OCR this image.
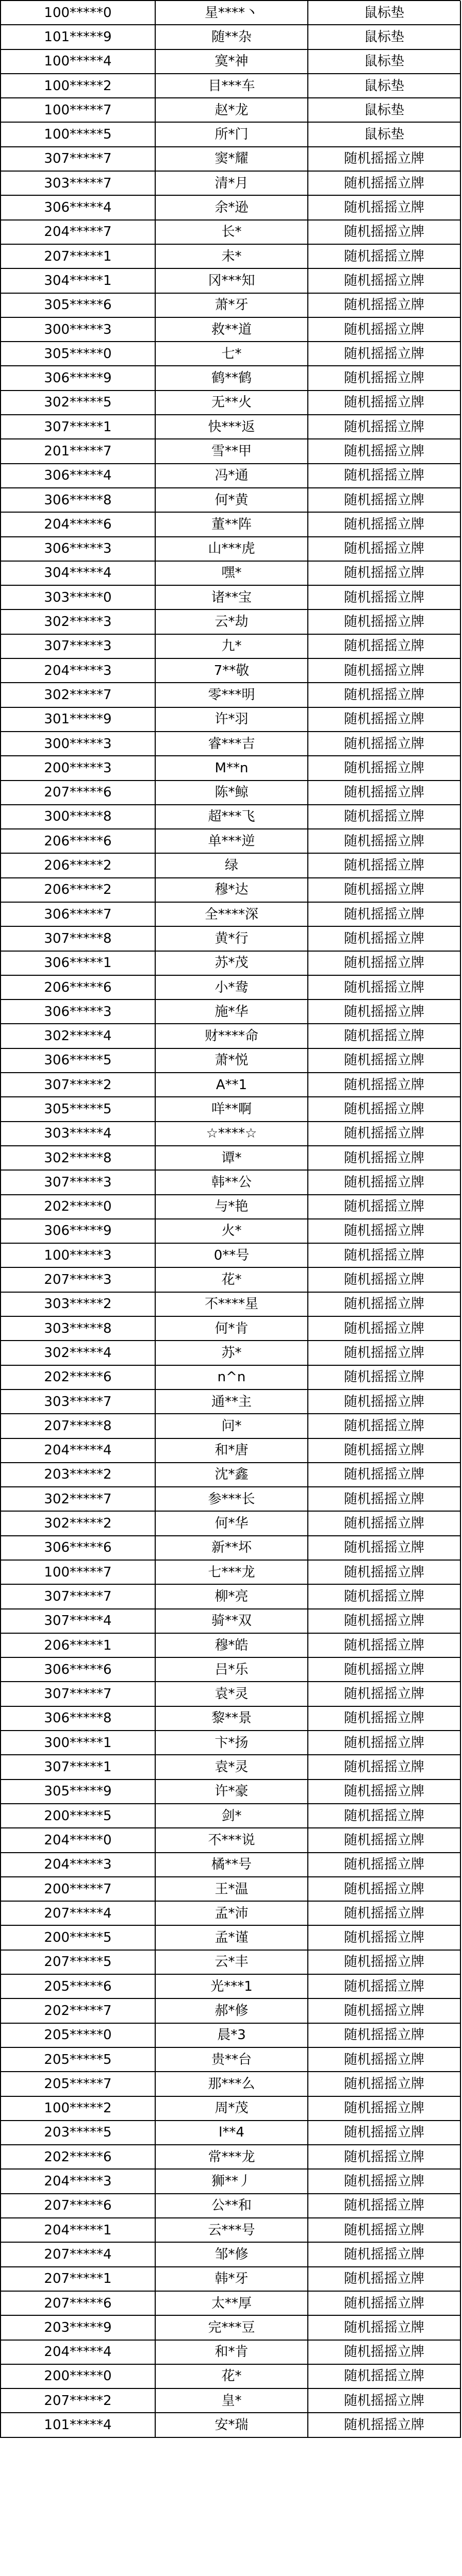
100*****0	星****丶	鼠标垫
101*****9	随**杂	鼠标垫
100*****4	寞*神	鼠标垫
100*****2	目***车	鼠标垫
100*****7	赵*龙	鼠标垫
100*****5	所*门	鼠标垫
307*****7	窦*耀	随机摇摇立牌
303*****7	清*月	随机摇摇立牌
306*****4	余*逊	随机摇摇立牌
204*****7	长*	随机摇摇立牌
207*****1	未*	随机摇摇立牌
304*****1	冈***知	随机摇摇立牌
305*****6	萧*牙	随机摇摇立牌
300*****3	救**道	随机摇摇立牌
305*****0	七*	随机摇摇立牌
306*****9	鹤**鹤	随机摇摇立牌
302*****5	无**火	随机摇摇立牌
307*****1	快***返	随机摇摇立牌
201*****7	雪**甲	随机摇摇立牌
306*****4	冯*通	随机摇摇立牌
306*****8	何*黄	随机摇摇立牌
204*****6	董**阵	随机摇摇立牌
306*****3	山***虎	随机摇摇立牌
304*****4	嘿*	随机摇摇立牌
303*****0	诸**宝	随机摇摇立牌
302*****3	云*劫	随机摇摇立牌
307*****3	九*	随机摇摇立牌
204*****3	7**敬	随机摇摇立牌
302*****7	零***明	随机摇摇立牌
301*****9	许*羽	随机摇摇立牌
300*****3	睿***吉	随机摇摇立牌
200*****3	M**n	随机摇摇立牌
207*****6	陈*鲸	随机摇摇立牌
300*****8	超***飞	随机摇摇立牌
206*****6	单***逆	随机摇摇立牌
206*****2	绿	随机摇摇立牌
206*****2	穆*达	随机摇摇立牌
306*****7	全****深	随机摇摇立牌
307*****8	黄*行	随机摇摇立牌
306*****1	苏*茂	随机摇摇立牌
206*****6	小*鸯	随机摇摇立牌
306*****3	施*华	随机摇摇立牌
302*****4	财****命	随机摇摇立牌
306*****5	萧*悦	随机摇摇立牌
307*****2	A**1	随机摇摇立牌
305*****5	咩**啊	随机摇摇立牌
303*****4	☆****☆	随机摇摇立牌
302*****8	谭*	随机摇摇立牌
307*****3	韩**公	随机摇摇立牌
202*****0	与*艳	随机摇摇立牌
306*****9	火*	随机摇摇立牌
100*****3	0**号	随机摇摇立牌
207*****3	花*	随机摇摇立牌
303*****2	不****星	随机摇摇立牌
303*****8	何*肯	随机摇摇立牌
302*****4	苏*	随机摇摇立牌
202*****6	n^n	随机摇摇立牌
303*****7	通**主	随机摇摇立牌
207*****8	问*	随机摇摇立牌
204*****4	和*唐	随机摇摇立牌
203*****2	沈*鑫	随机摇摇立牌
302*****7	参***长	随机摇摇立牌
302*****2	何*华	随机摇摇立牌
306*****6	新**坏	随机摇摇立牌
100*****7	七***龙	随机摇摇立牌
307*****7	柳*亮	随机摇摇立牌
307*****4	骑**双	随机摇摇立牌
206*****1	穆*皓	随机摇摇立牌
306*****6	吕*乐	随机摇摇立牌
307*****7	袁*灵	随机摇摇立牌
306*****8	黎**景	随机摇摇立牌
300*****1	卞*扬	随机摇摇立牌
307*****1	袁*灵	随机摇摇立牌
305*****9	许*豪	随机摇摇立牌
200*****5	剑*	随机摇摇立牌
204*****0	不***说	随机摇摇立牌
204*****3	橘**号	随机摇摇立牌
200*****7	王*温	随机摇摇立牌
207*****4	孟*沛	随机摇摇立牌
200*****5	孟*谨	随机摇摇立牌
207*****5	云*丰	随机摇摇立牌
205*****6	光***1	随机摇摇立牌
202*****7	郝*修	随机摇摇立牌
205*****0	晨*3	随机摇摇立牌
205*****5	贵**台	随机摇摇立牌
205*****7	那***么	随机摇摇立牌
100*****2	周*茂	随机摇摇立牌
203*****5	l**4	随机摇摇立牌
202*****6	常***龙	随机摇摇立牌
204*****3	狮**丿	随机摇摇立牌
207*****6	公**和	随机摇摇立牌
204*****1	云***号	随机摇摇立牌
207*****4	邹*修	随机摇摇立牌
207*****1	韩*牙	随机摇摇立牌
207*****6	太**厚	随机摇摇立牌
203*****9	完***豆	随机摇摇立牌
204*****4	和*肯	随机摇摇立牌
200*****0	花*	随机摇摇立牌
207*****2	皇*	随机摇摇立牌
101*****4	安*瑞	随机摇摇立牌
